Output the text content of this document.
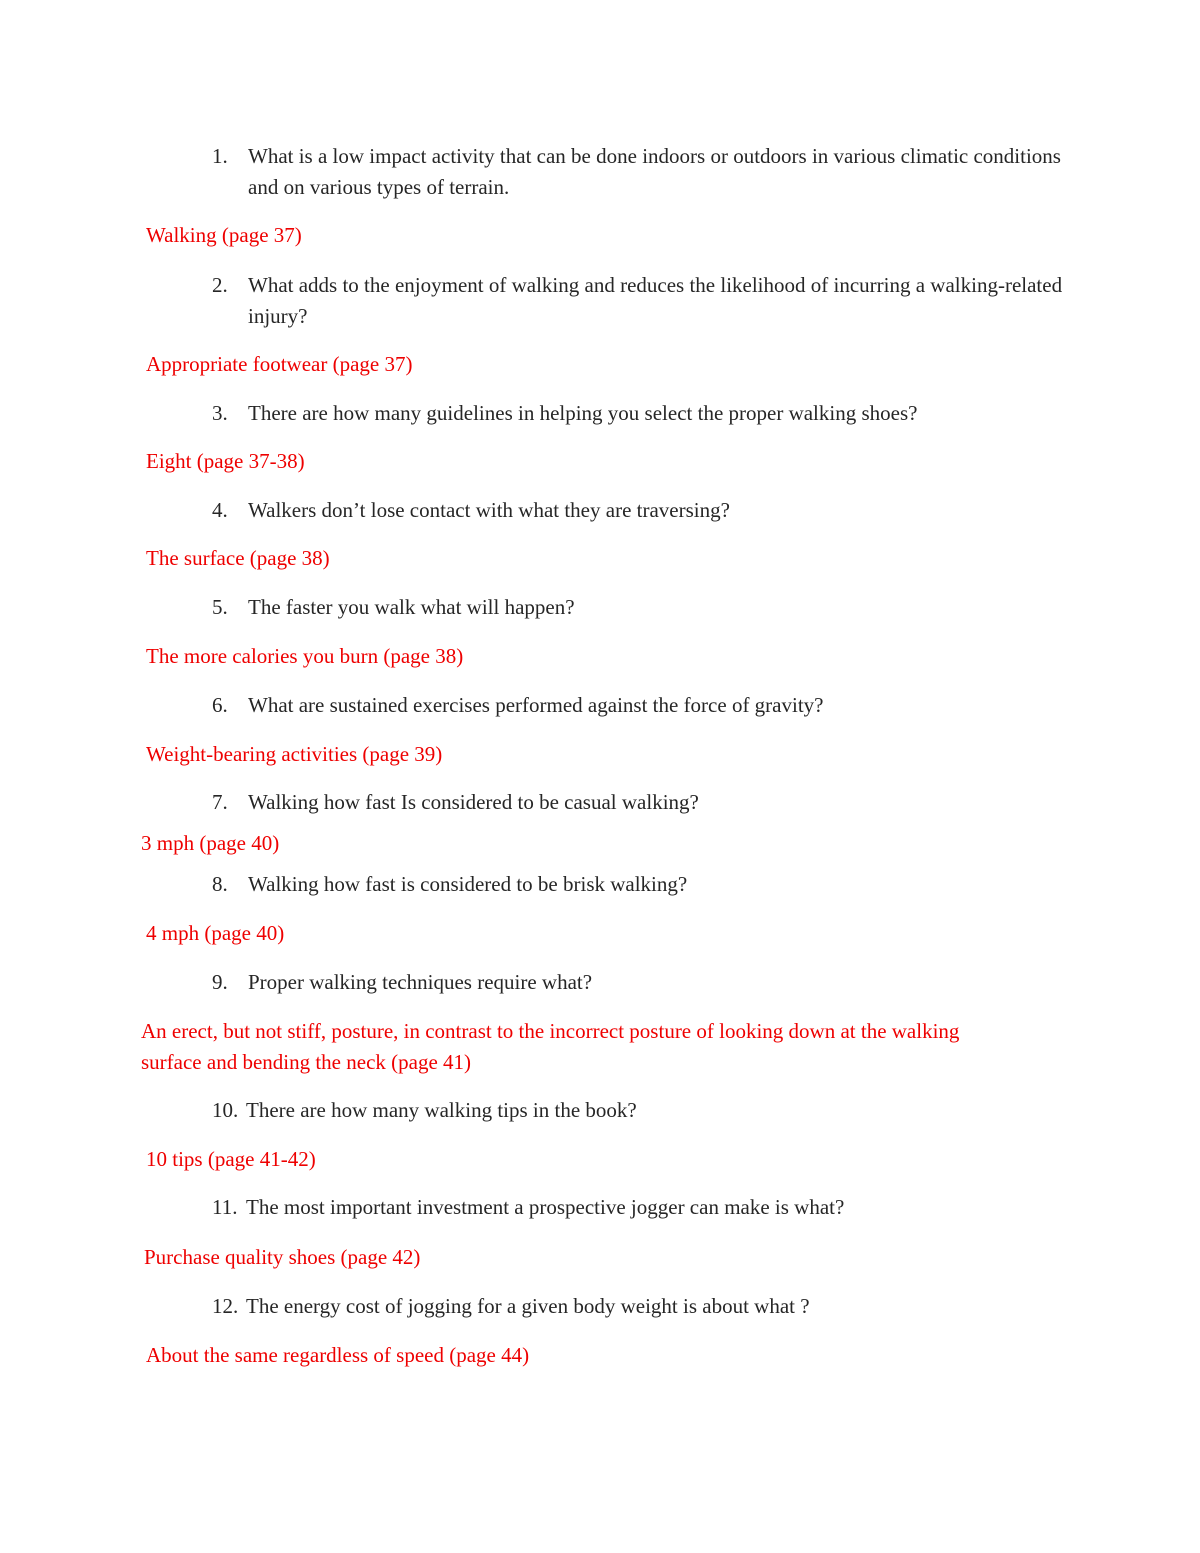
1. What is a low impact activity that can be done indoors or outdoors in various climatic conditions and on various types of terrain.
Walking (page 37)
2. What adds to the enjoyment of walking and reduces the likelihood of incurring a walking-related injury?
Appropriate footwear (page 37)
3. There are how many guidelines in helping you select the proper walking shoes?
Eight (page 37-38)
4. Walkers don’t lose contact with what they are traversing?
The surface (page 38)
5. The faster you walk what will happen?
The more calories you burn (page 38)
6. What are sustained exercises performed against the force of gravity?
Weight-bearing activities (page 39)
7. Walking how fast Is considered to be casual walking?
3 mph (page 40)
8. Walking how fast is considered to be brisk walking?
4 mph (page 40)
9. Proper walking techniques require what?
An erect, but not stiff, posture, in contrast to the incorrect posture of looking down at the walking surface and bending the neck (page 41)
10. There are how many walking tips in the book?
10 tips (page 41-42)
11. The most important investment a prospective jogger can make is what?
Purchase quality shoes (page 42)
12. The energy cost of jogging for a given body weight is about what ?
About the same regardless of speed (page 44)
